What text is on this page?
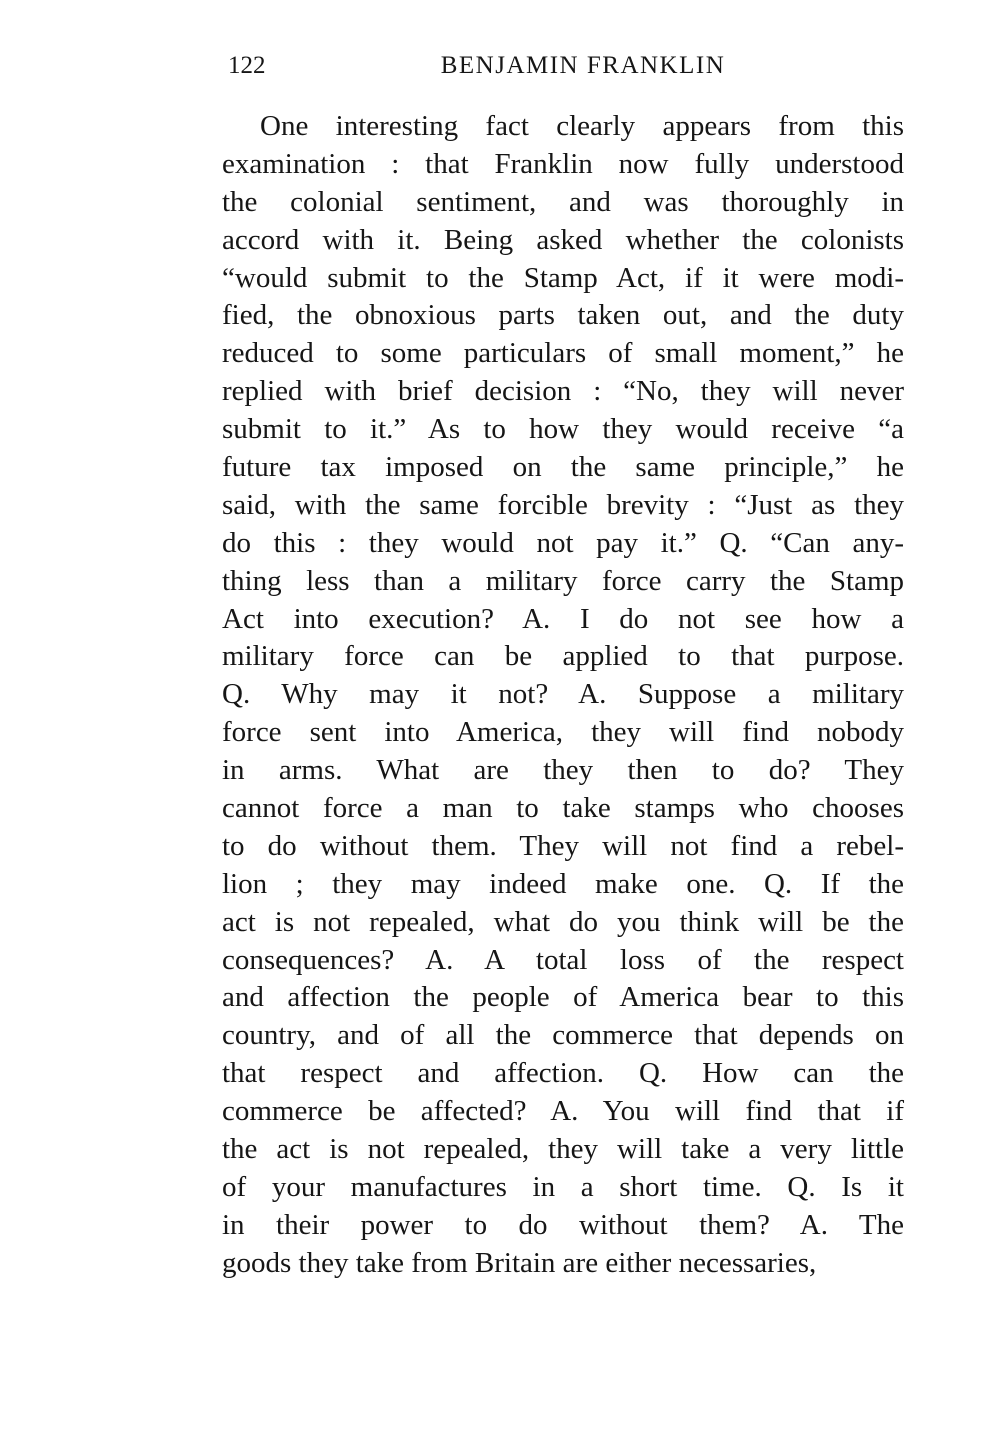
122	BENJAMIN FRANKLIN
One interesting fact clearly appears from this
examination : that Franklin now fully understood
the colonial sentiment, and was thoroughly in
accord with it. Being asked whether the colonists
“would submit to the Stamp Act, if it were modi-
fied, the obnoxious parts taken out, and the duty
reduced to some particulars of small moment,” he
replied with brief decision : “No, they will never
submit to it.” As to how they would receive “a
future tax imposed on the same principle,” he
said, with the same forcible brevity : “Just as they
do this : they would not pay it.” Q. “Can any-
thing less than a military force carry the Stamp
Act into execution? A. I do not see how a
military force can be applied to that purpose.
Q. Why may it not? A. Suppose a military
force sent into America, they will find nobody
in arms. What are they then to do? They
cannot force a man to take stamps who chooses
to do without them. They will not find a rebel-
lion ; they may indeed make one. Q. If the
act is not repealed, what do you think will be the
consequences? A. A total loss of the respect
and affection the people of America bear to this
country, and of all the commerce that depends on
that respect and affection. Q. How can the
commerce be affected? A. You will find that if
the act is not repealed, they will take a very little
of your manufactures in a short time. Q. Is it
in their power to do without them? A. The
goods they take from Britain are either necessaries,
